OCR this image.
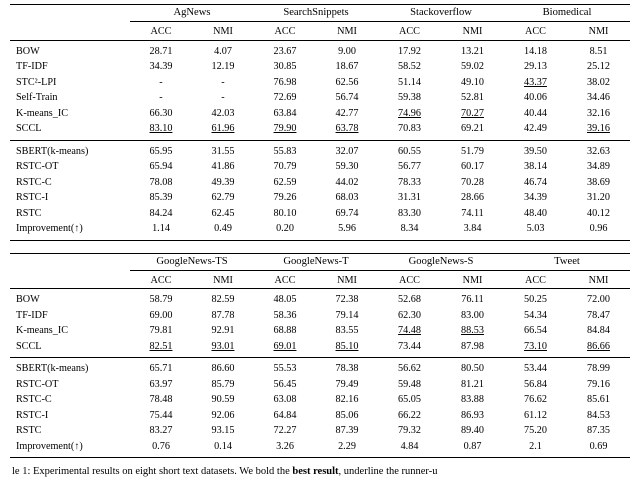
	AgNews		SearchSnippets		Stackoverflow		Biomedical	

	ACC	NMI	ACC	NMI	ACC	NMI	ACC	NMI

BOW	28.71	4.07	23.67	9.00	17.92	13.21	14.18	8.51
TF-IDF	34.39	12.19	30.85	18.67	58.52	59.02	29.13	25.12
STC²-LPI	-	-	76.98	62.56	51.14	49.10	43.37	38.02
Self-Train	-	-	72.69	56.74	59.38	52.81	40.06	34.46
K-means_IC	66.30	42.03	63.84	42.77	74.96	70.27	40.44	32.16
SCCL	83.10	61.96	79.90	63.78	70.83	69.21	42.49	39.16

SBERT(k-means)	65.95	31.55	55.83	32.07	60.55	51.79	39.50	32.63
RSTC-OT	65.94	41.86	70.79	59.30	56.77	60.17	38.14	34.89
RSTC-C	78.08	49.39	62.59	44.02	78.33	70.28	46.74	38.69
RSTC-I	85.39	62.79	79.26	68.03	31.31	28.66	34.39	31.20
RSTC	84.24	62.45	80.10	69.74	83.30	74.11	48.40	40.12
Improvement(↑)	1.14	0.49	0.20	5.96	8.34	3.84	5.03	0.96

	GoogleNews-TS		GoogleNews-T		GoogleNews-S		Tweet	

	ACC	NMI	ACC	NMI	ACC	NMI	ACC	NMI

BOW	58.79	82.59	48.05	72.38	52.68	76.11	50.25	72.00
TF-IDF	69.00	87.78	58.36	79.14	62.30	83.00	54.34	78.47
K-means_IC	79.81	92.91	68.88	83.55	74.48	88.53	66.54	84.84
SCCL	82.51	93.01	69.01	85.10	73.44	87.98	73.10	86.66

SBERT(k-means)	65.71	86.60	55.53	78.38	56.62	80.50	53.44	78.99
RSTC-OT	63.97	85.79	56.45	79.49	59.48	81.21	56.84	79.16
RSTC-C	78.48	90.59	63.08	82.16	65.05	83.88	76.62	85.61
RSTC-I	75.44	92.06	64.84	85.06	66.22	86.93	61.12	84.53
RSTC	83.27	93.15	72.27	87.39	79.32	89.40	75.20	87.35
Improvement(↑)	0.76	0.14	3.26	2.29	4.84	0.87	2.1	0.69

le 1: Experimental results on eight short text datasets. We bold the best result, underline the runner-u
